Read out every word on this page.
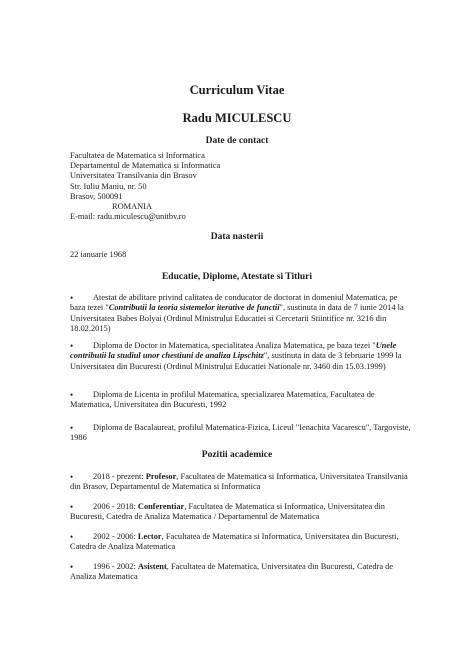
Curriculum Vitae
Radu MICULESCU
Date de contact
Facultatea de Matematica si Informatica
Departamentul de Matematica si Informatica
Universitatea Transilvania din Brasov
Str. Iuliu Maniu, nr. 50
Brasov, 500091
ROMANIA
E-mail: radu.miculescu@unitbv.ro
Data nasterii
22 ianuarie 1968
Educatie, Diplome, Atestate si Titluri
•	Atestat de abilitare privind calitatea de conducator de doctorat in domeniul Matematica, pe baza tezei "Contributii la teoria sistemelor iterative de functii", sustinuta in data de 7 iunie 2014 la Universitatea Babes Bolyai (Ordinul Ministrului Educatiei si Cercetarii Stiintifice nr. 3216 din 18.02.2015)

•	Diploma de Doctor in Matematica, specialitatea Analiza Matematica, pe baza tezei "Unele contributii la studiul unor chestiuni de analiza Lipschitz", sustinuta in data de 3 februarie 1999 la Universitatea din Bucuresti (Ordinul Ministrului Educatiei Nationale nr. 3460 din 15.03.1999)

•	Diploma de Licenta in profilul Matematica, specializarea Matematica, Facultatea de Matematica, Universitatea din Bucuresti, 1992

•	Diploma de Bacalaureat, profilul Matematica-Fizica, Liceul "Ienachita Vacarescu", Targoviste, 1986

Pozitii academice
•	2018 - prezent: Profesor, Facultatea de Matematica si Informatica, Universitatea Transilvania din Brasov, Departamentul de Matematica si Informatica

•	2006 - 2018: Conferentiar, Facultatea de Matematica si Informatica, Universitatea din Bucuresti, Catedra de Analiza Matematica / Departamentul de Matematica

•	2002 - 2006: Lector, Facultatea de Matematica si Informatica, Universitatea din Bucuresti, Catedra de Analiza Matematica

•	1996 - 2002: Asistent, Facultatea de Matematica, Universitatea din Bucuresti, Catedra de Analiza Matematica
